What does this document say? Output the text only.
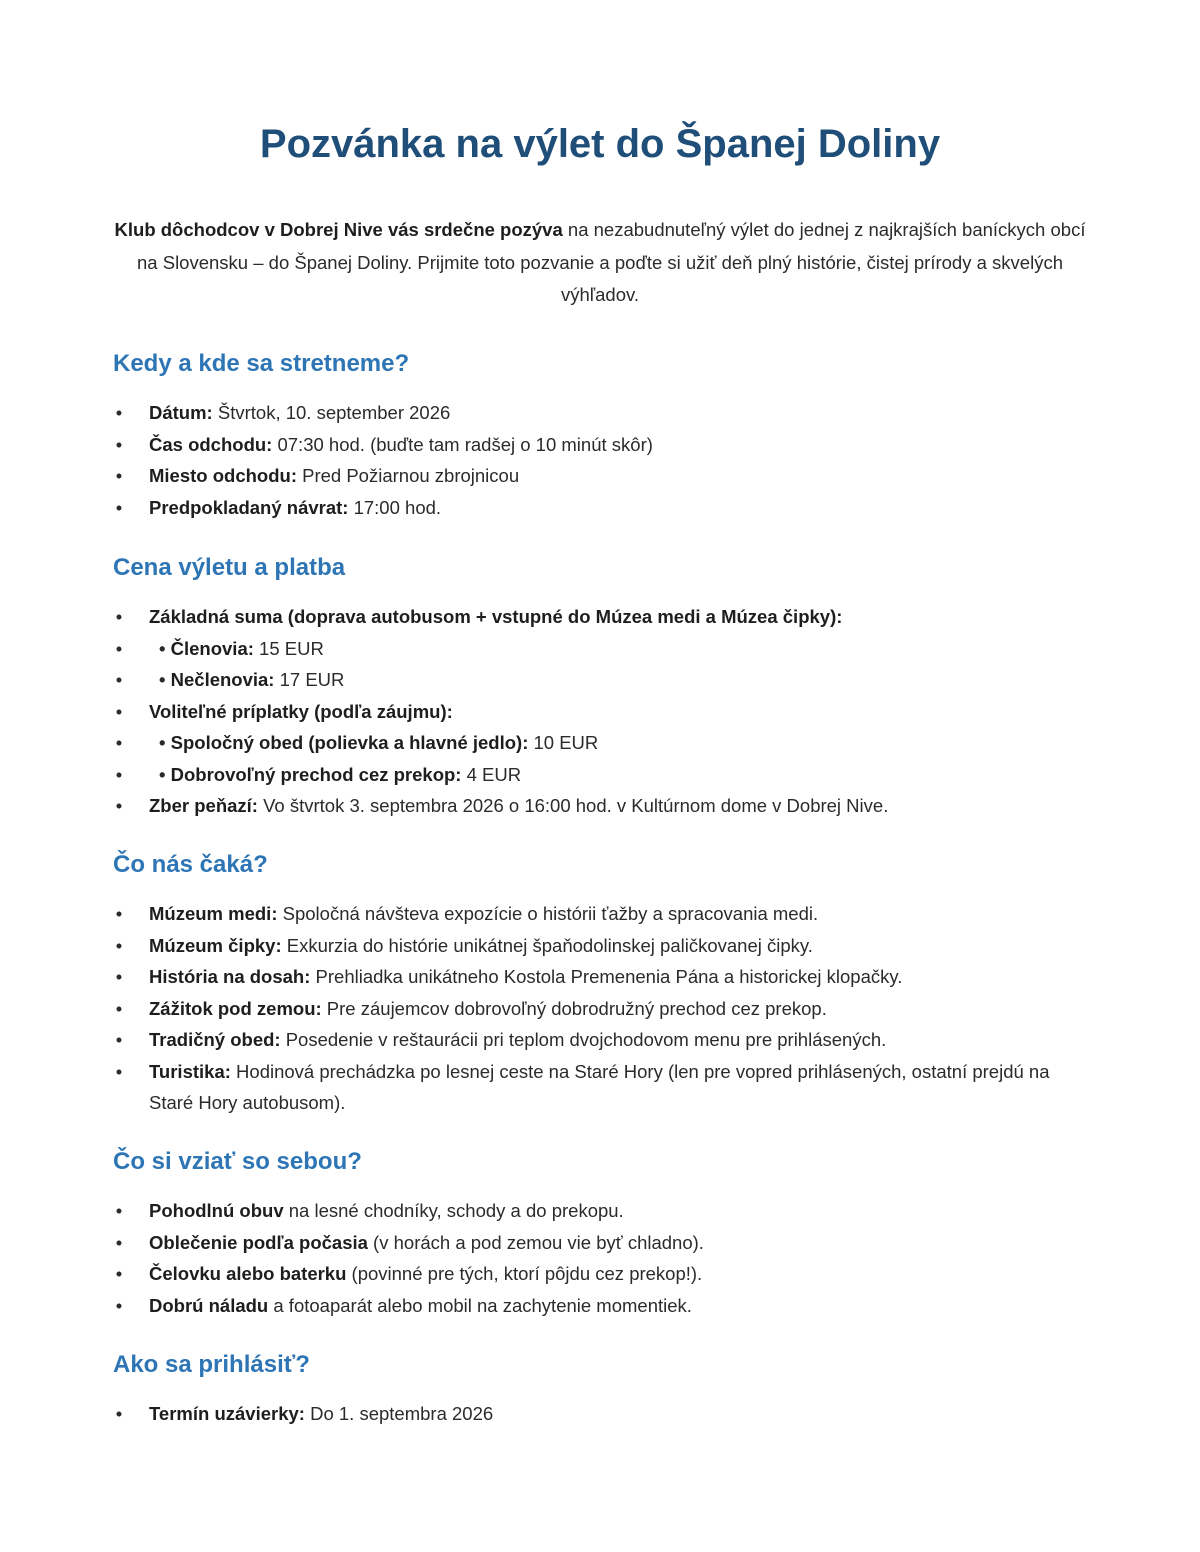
Pozvánka na výlet do Španej Doliny

Klub dôchodcov v Dobrej Nive vás srdečne pozýva na nezabudnuteľný výlet do jednej z najkrajších baníckych obcí na Slovensku – do Španej Doliny. Prijmite toto pozvanie a poďte si užiť deň plný histórie, čistej prírody a skvelých výhľadov.

Kedy a kde sa stretneme?
• Dátum: Štvrtok, 10. september 2026
• Čas odchodu: 07:30 hod. (buďte tam radšej o 10 minút skôr)
• Miesto odchodu: Pred Požiarnou zbrojnicou
• Predpokladaný návrat: 17:00 hod.
Cena výletu a platba
• Základná suma (doprava autobusom + vstupné do Múzea medi a Múzea čipky):
• • Členovia: 15 EUR
• • Nečlenovia: 17 EUR
• Voliteľné príplatky (podľa záujmu):
• • Spoločný obed (polievka a hlavné jedlo): 10 EUR
• • Dobrovoľný prechod cez prekop: 4 EUR
• Zber peňazí: Vo štvrtok 3. septembra 2026 o 16:00 hod. v Kultúrnom dome v Dobrej Nive.
Čo nás čaká?
• Múzeum medi: Spoločná návšteva expozície o histórii ťažby a spracovania medi.
• Múzeum čipky: Exkurzia do histórie unikátnej špaňodolinskej paličkovanej čipky.
• História na dosah: Prehliadka unikátneho Kostola Premenenia Pána a historickej klopačky.
• Zážitok pod zemou: Pre záujemcov dobrovoľný dobrodružný prechod cez prekop.
• Tradičný obed: Posedenie v reštaurácii pri teplom dvojchodovom menu pre prihlásených.
• Turistika: Hodinová prechádzka po lesnej ceste na Staré Hory (len pre vopred prihlásených, ostatní prejdú na Staré Hory autobusom).
Čo si vziať so sebou?
• Pohodlnú obuv na lesné chodníky, schody a do prekopu.
• Oblečenie podľa počasia (v horách a pod zemou vie byť chladno).
• Čelovku alebo baterku (povinné pre tých, ktorí pôjdu cez prekop!).
• Dobrú náladu a fotoaparát alebo mobil na zachytenie momentiek.
Ako sa prihlásiť?
• Termín uzávierky: Do 1. septembra 2026
